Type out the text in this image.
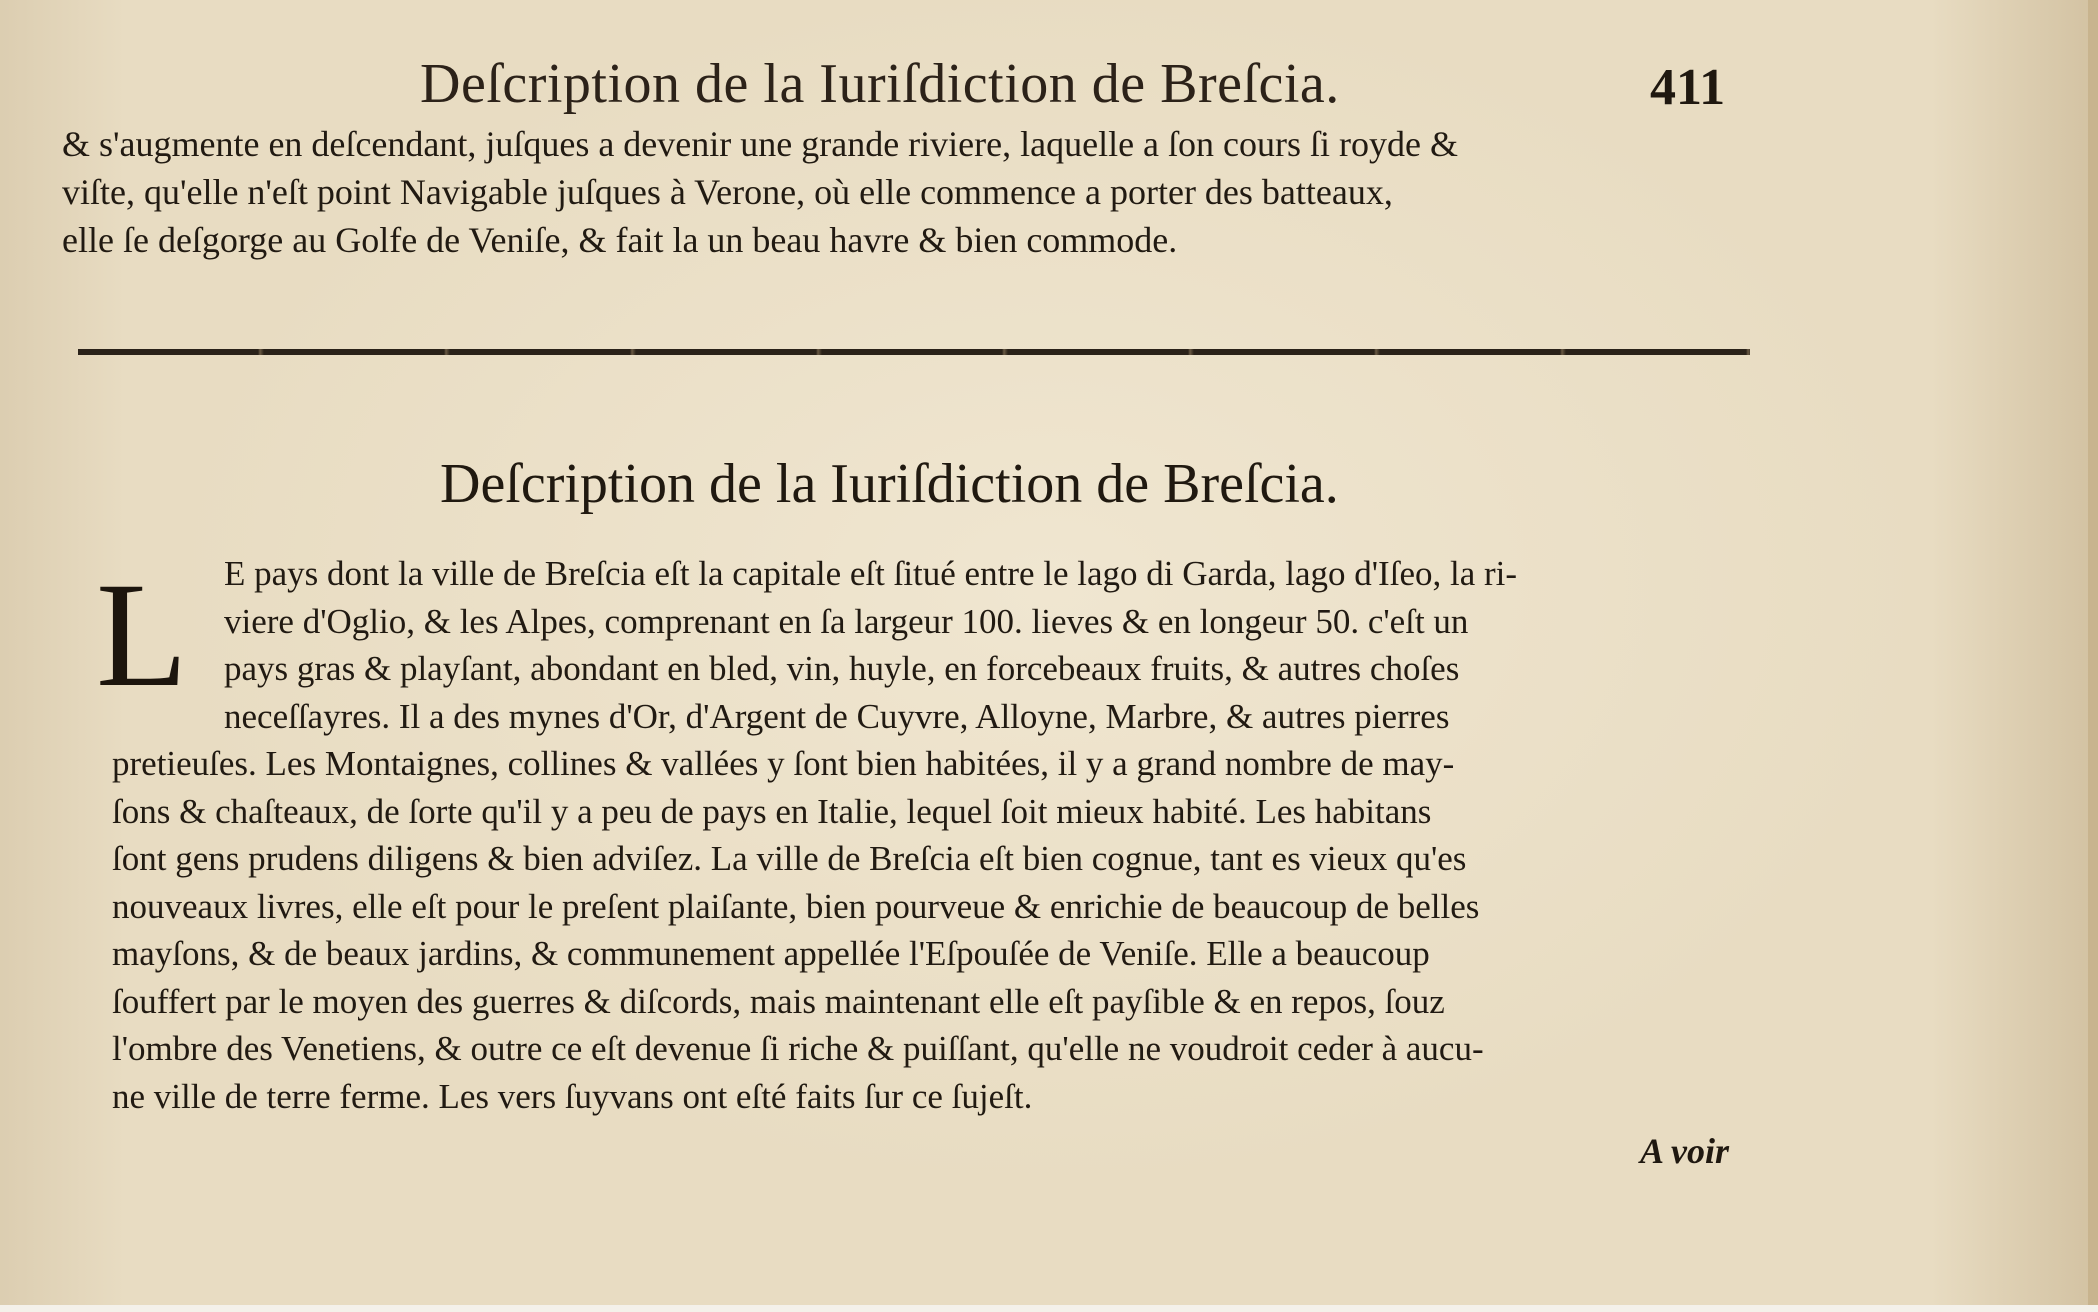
Deſcription de la Iuriſdiction de Breſcia.	411

& s'augmente en deſcendant, juſques a devenir une grande riviere, laquelle a ſon cours ſi royde &

viſte, qu'elle n'eſt point Navigable juſques à Verone, où elle commence a porter des batteaux,

elle ſe deſgorge au Golfe de Veniſe, & fait la un beau havre & bien commode.

Deſcription de la Iuriſdiction de Breſcia.
L	E pays dont la ville de Breſcia eſt la capitale eſt ſitué entre le lago di Garda, lago d'Iſeo, la ri-

viere d'Oglio, & les Alpes, comprenant en ſa largeur 100. lieves & en longeur 50. c'eſt un

pays gras & playſant, abondant en bled, vin, huyle, en forcebeaux fruits, & autres choſes

neceſſayres. Il a des mynes d'Or, d'Argent de Cuyvre, Alloyne, Marbre, & autres pierres

pretieuſes. Les Montaignes, collines & vallées y ſont bien habitées, il y a grand nombre de may-

ſons & chaſteaux, de ſorte qu'il y a peu de pays en Italie, lequel ſoit mieux habité. Les habitans

ſont gens prudens diligens & bien adviſez. La ville de Breſcia eſt bien cognue, tant es vieux qu'es

nouveaux livres, elle eſt pour le preſent plaiſante, bien pourveue & enrichie de beaucoup de belles

mayſons, & de beaux jardins, & communement appellée l'Eſpouſée de Veniſe. Elle a beaucoup

ſouffert par le moyen des guerres & diſcords, mais maintenant elle eſt payſible & en repos, ſouz

l'ombre des Venetiens, & outre ce eſt devenue ſi riche & puiſſant, qu'elle ne voudroit ceder à aucu-

ne ville de terre ferme. Les vers ſuyvans ont eſté faits ſur ce ſujeſt.

A voir
